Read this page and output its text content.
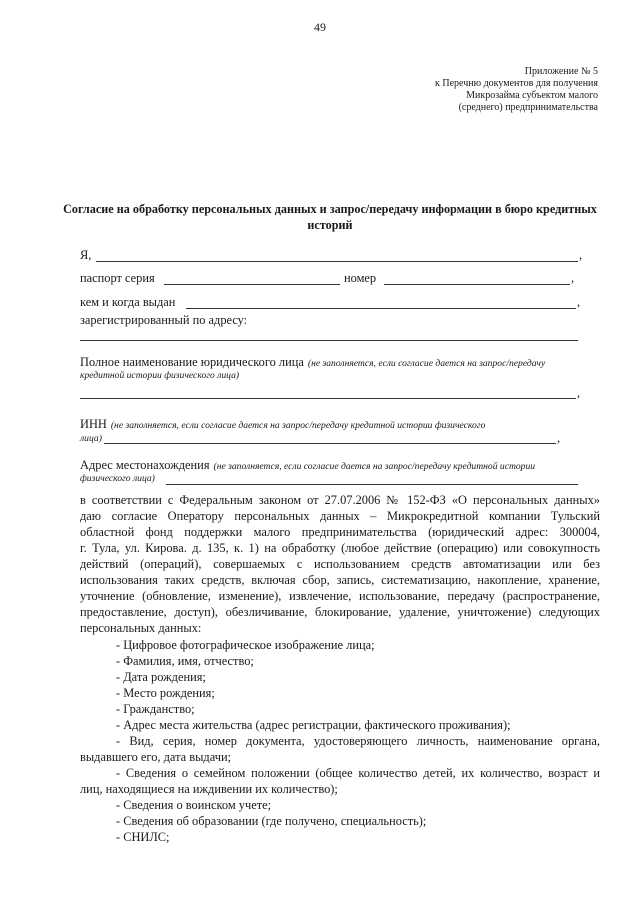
49
Приложение № 5
к Перечню документов для получения
Микрозайма субъектом малого
(среднего) предпринимательства
Согласие на обработку персональных данных и запрос/передачу информации в бюро кредитных историй
Я,	,
паспорт серия	номер	,
кем и когда выдан	,
зарегистрированный по адресу:
Полное наименование юридического лица (не заполняется, если согласие дается на запрос/передачу
кредитной истории физического лица)
,
ИНН (не заполняется, если согласие дается на запрос/передачу кредитной истории физического
лица)	,
Адрес местонахождения (не заполняется, если согласие дается на запрос/передачу кредитной истории
физического лица)
в соответствии с Федеральным законом от 27.07.2006 № 152-ФЗ «О персональных данных»
даю согласие Оператору персональных данных – Микрокредитной компании Тульский
областной фонд поддержки малого предпринимательства (юридический адрес: 300004,
г. Тула, ул. Кирова. д. 135, к. 1) на обработку (любое действие (операцию) или совокупность
действий (операций), совершаемых с использованием средств автоматизации или без
использования таких средств, включая сбор, запись, систематизацию, накопление, хранение,
уточнение (обновление, изменение), извлечение, использование, передачу (распространение,
предоставление, доступ), обезличивание, блокирование, удаление, уничтожение) следующих
персональных данных:
- Цифровое фотографическое изображение лица;
- Фамилия, имя, отчество;
- Дата рождения;
- Место рождения;
- Гражданство;
- Адрес места жительства (адрес регистрации, фактического проживания);
- Вид, серия, номер документа, удостоверяющего личность, наименование органа,
выдавшего его, дата выдачи;
- Сведения о семейном положении (общее количество детей, их количество, возраст и
лиц, находящиеся на иждивении их количество);
- Сведения о воинском учете;
- Сведения об образовании (где получено, специальность);
- СНИЛС;
